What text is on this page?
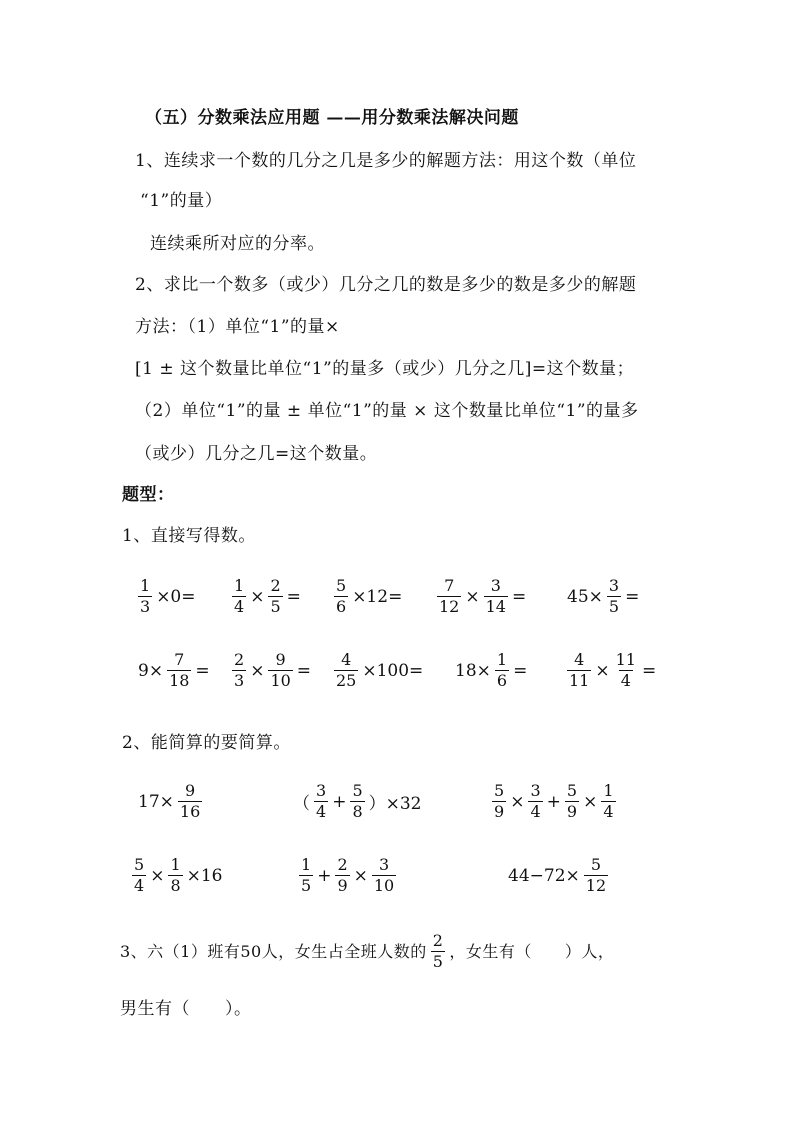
（五）分数乘法应用题 ——用分数乘法解决问题
1、连续求一个数的几分之几是多少的解题方法：用这个数（单位
“1”的量）
连续乘所对应的分率。
2、求比一个数多（或少）几分之几的数是多少的数是多少的解题
方法：（1）单位“1”的量×
[1 ± 这个数量比单位“1”的量多（或少）几分之几]=这个数量；
（2）单位“1”的量 ± 单位“1”的量 × 这个数量比单位“1”的量多
（或少）几分之几=这个数量。
题型：
1、直接写得数。
$\frac{1}{3} \times 0= \frac{1}{4} \times \frac{2}{5} = \frac{5}{6} \times 12= \frac{7}{12} \times \frac{3}{14} = 45\times \frac{3}{5}$ =
$9\times \frac{7}{18} = \frac{2}{3} \times \frac{9}{10} = \frac{4}{25} \times 100= 18\times \frac{1}{6} = \frac{4}{11} \times \frac{11}{4}$ =
2、能简算的要简算。
$17\times \frac{9}{16}$	（ $\frac{3}{4} + \frac{5}{8} )\times 32$	$\frac{5}{9} \times \frac{3}{4} + \frac{5}{9} \times \frac{1}{4}$
$\frac{5}{4} \times \frac{1}{8} \times 16$	$\frac{1}{5} + \frac{2}{9} \times \frac{3}{10}$	$44-72\times \frac{5}{12}$
3、六（1）班有50人，女生占全班人数的 $\frac{2}{5}$ ，女生有（　　）人，
男生有（　　）。
